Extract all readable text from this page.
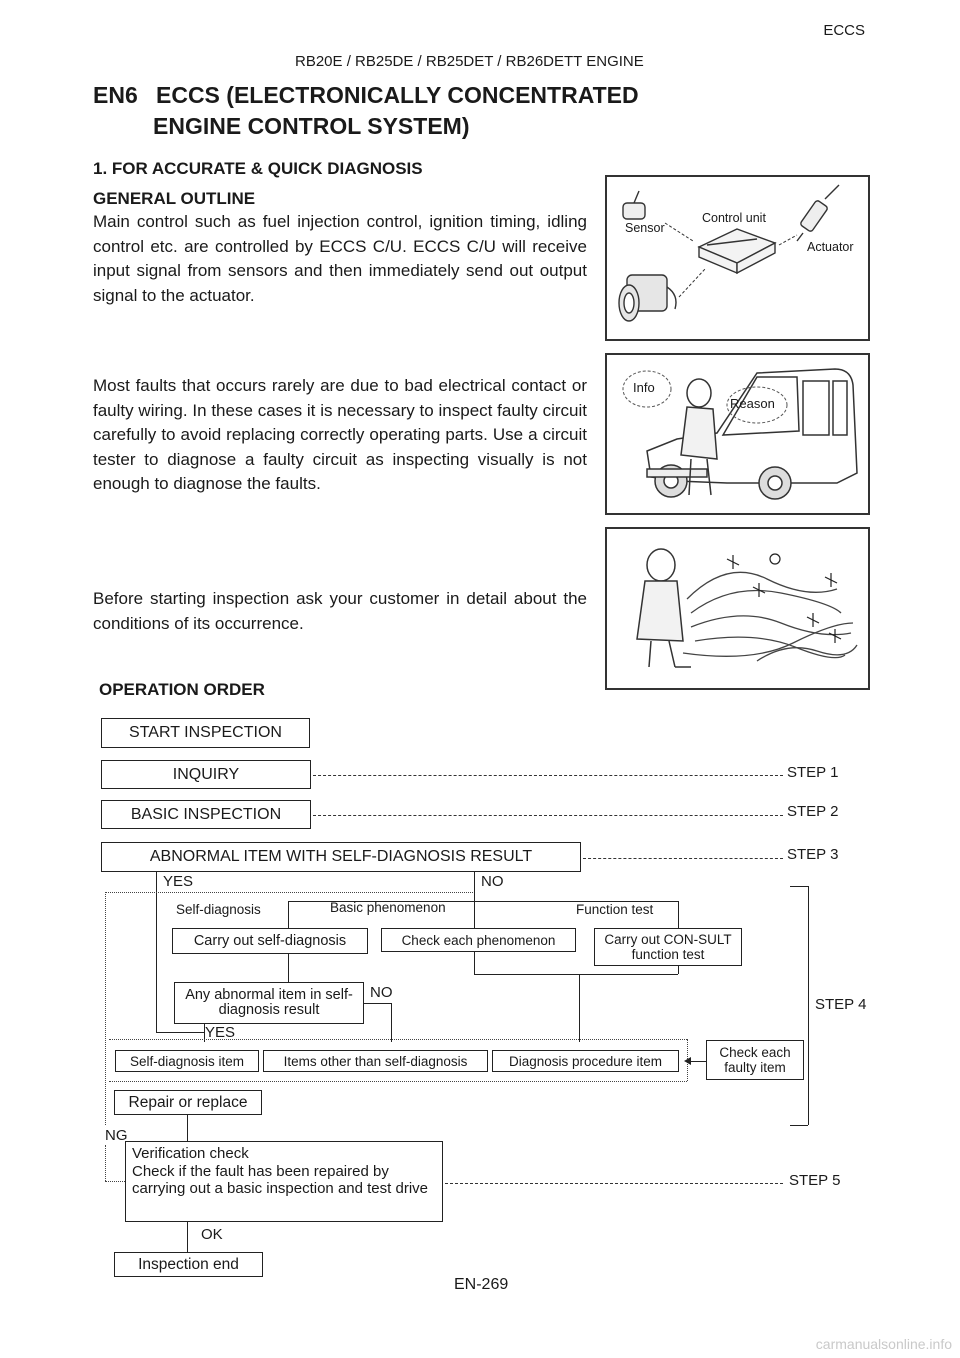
ECCS
RB20E / RB25DE / RB25DET / RB26DETT ENGINE
EN6 ECCS (ELECTRONICALLY CONCENTRATED
ENGINE CONTROL SYSTEM)
1. FOR ACCURATE & QUICK DIAGNOSIS
GENERAL OUTLINE
Main control such as fuel injection control, ignition timing, idling control etc. are controlled by ECCS C/U. ECCS C/U will receive input signal from sensors and then immediately send out output signal to the actuator.
Most faults that occurs rarely are due to bad electrical contact or faulty wiring. In these cases it is necessary to inspect faulty circuit carefully to avoid replacing correctly operating parts. Use a circuit tester to diagnose a faulty circuit as inspecting visually is not enough to diagnose the faults.
Before starting inspection ask your customer in detail about the conditions of its occurrence.
Sensor
Control unit
Actuator
Info
Reason
OPERATION ORDER
START INSPECTION
INQUIRY
BASIC INSPECTION
ABNORMAL ITEM WITH SELF-DIAGNOSIS RESULT
STEP 1
STEP 2
STEP 3
YES	NO
Self-diagnosis	Basic phenomenon	Function test
Carry out self-diagnosis	Check each phenomenon	Carry out CON-SULT function test
Any abnormal item in self-diagnosis result
NO
YES
Self-diagnosis item	Items other than self-diagnosis	Diagnosis procedure item
Check each faulty item
STEP 4
Repair or replace
NG
Verification check
Check if the fault has been repaired by carrying out a basic inspection and test drive	STEP 5
OK
Inspection end
EN-269
carmanualsonline.info
